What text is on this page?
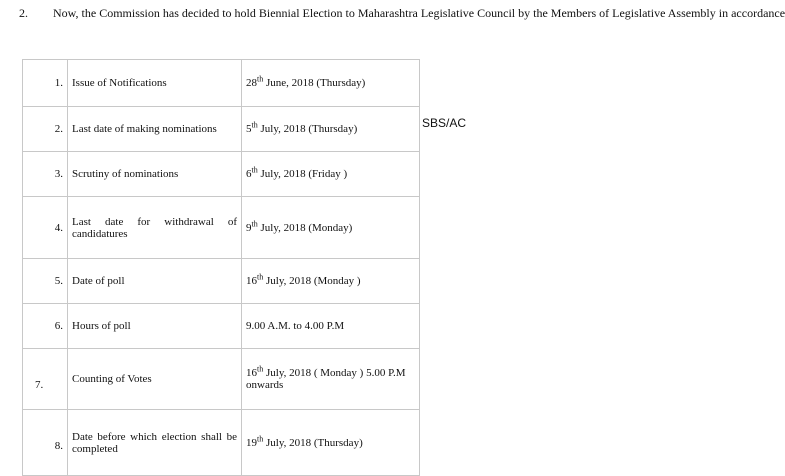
2. Now, the Commission has decided to hold Biennial Election to Maharashtra Legislative Council by the Members of Legislative Assembly in accordance
SBS/AC
1.	Issue of Notifications	28th June, 2018 (Thursday)
2.	Last date of making nominations	5th July, 2018 (Thursday)
3.	Scrutiny of nominations	6th July, 2018 (Friday )
4.	Last date for withdrawal of

candidatures	9th July, 2018 (Monday)
5.	Date of poll	16th July, 2018 (Monday )
6.	Hours of poll	9.00 A.M. to 4.00 P.M

7.	Counting of Votes	16th July, 2018 ( Monday ) 5.00 P.M
onwards

8.	Date before which election shall be

completed	19th July, 2018 (Thursday)
